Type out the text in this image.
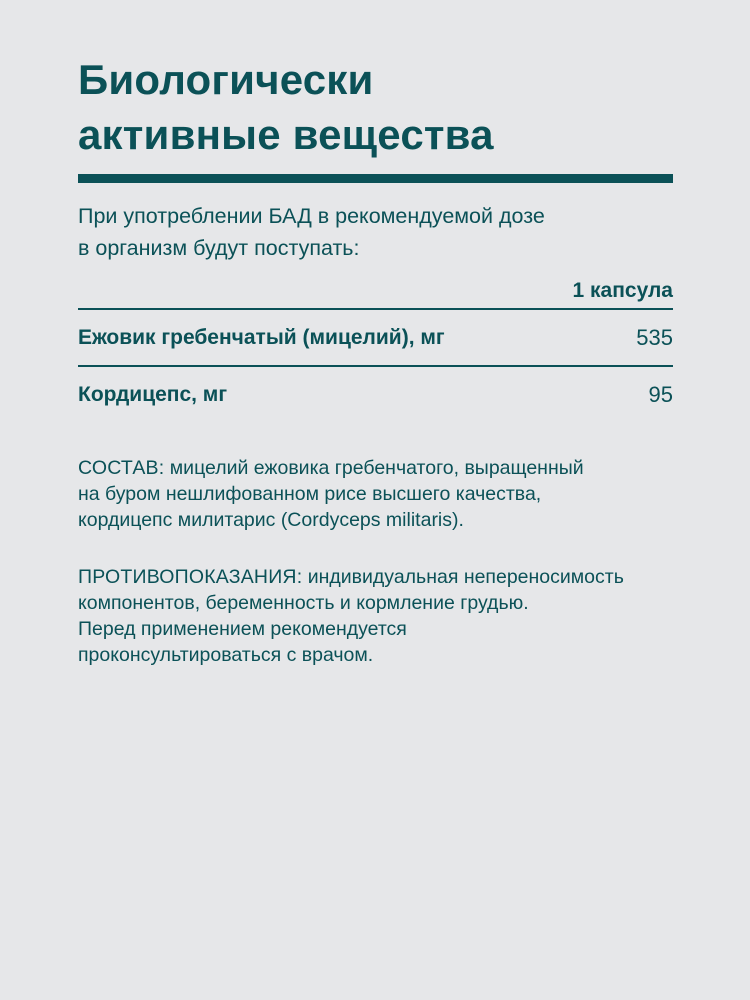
Биологически
активные вещества
При употреблении БАД в рекомендуемой дозе
в организм будут поступать:
1 капсула
Ежовик гребенчатый (мицелий), мг	535
Кордицепс, мг	95
СОСТАВ: мицелий ежовика гребенчатого, выращенный
на буром нешлифованном рисе высшего качества,
кордицепс милитарис (Cordyceps militaris).
ПРОТИВОПОКАЗАНИЯ: индивидуальная непереносимость
компонентов, беременность и кормление грудью.
Перед применением рекомендуется
проконсультироваться с врачом.
